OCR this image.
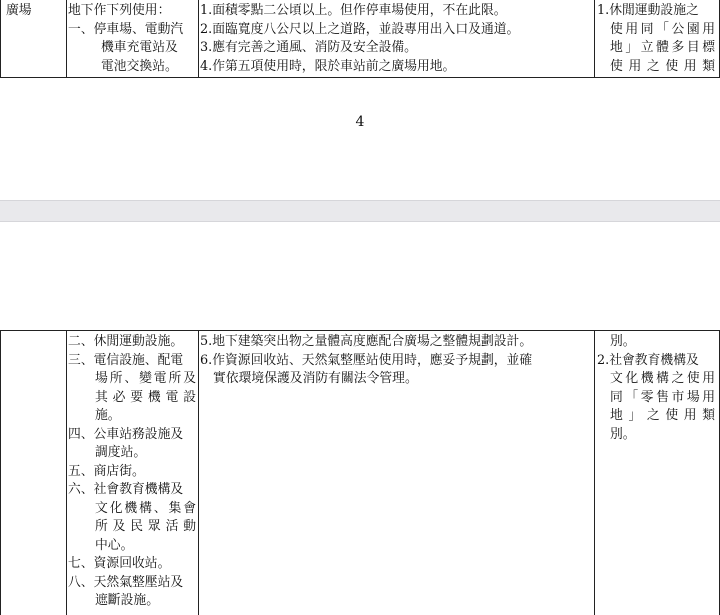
廣場	地下作下列使用：
一、停車場、電動汽
機車充電站及
電池交換站。
1.面積零點二公頃以上。但作停車場使用，不在此限。
2.面臨寬度八公尺以上之道路，並設專用出入口及通道。
3.應有完善之通風、消防及安全設備。
4.作第五項使用時，限於車站前之廣場用地。
1.休閒運動設施之
使用同「公園用
地」立體多目標
使用之使用類
4
二、休閒運動設施。
三、電信設施、配電
場所、變電所及
其必要機電設
施。
四、公車站務設施及
調度站。
五、商店街。
六、社會教育機構及
文化機構、集會
所及民眾活動
中心。
七、資源回收站。
八、天然氣整壓站及
遮斷設施。
5.地下建築突出物之量體高度應配合廣場之整體規劃設計。
6.作資源回收站、天然氣整壓站使用時，應妥予規劃，並確
實依環境保護及消防有關法令管理。
別。
2.社會教育機構及
文化機構之使用
同「零售市場用
地」之使用類
別。
